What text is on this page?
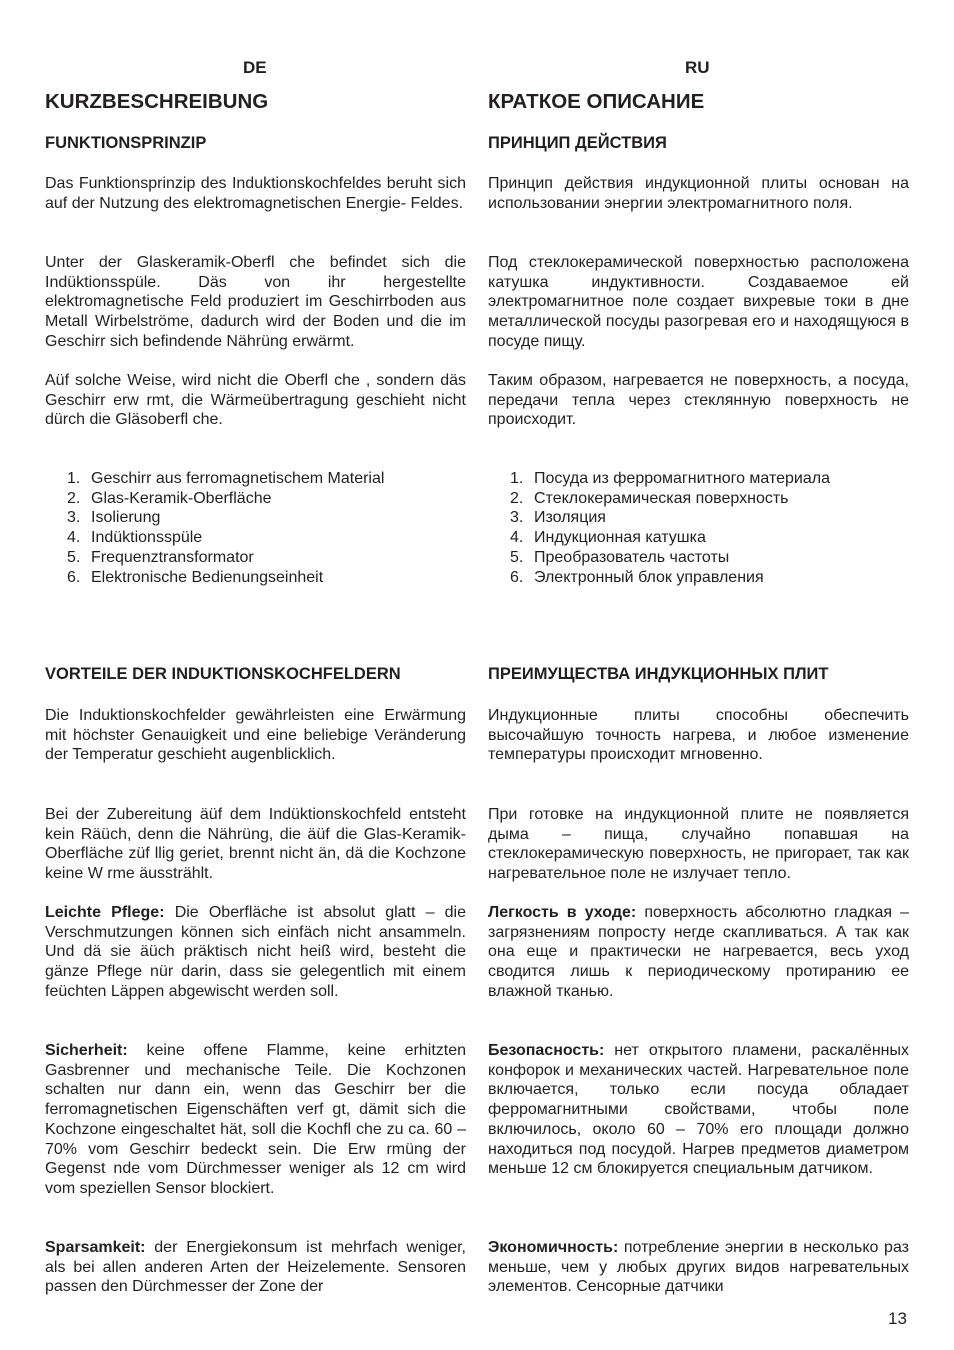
DE
KURZBESCHREIBUNG
FUNKTIONSPRINZIP

Das Funktionsprinzip des Induktionskochfeldes beruht sich auf der Nutzung des elektromagnetischen Energie- Feldes.

Unter der Glaskeramik-Oberfl che befindet sich die Indüktionsspüle. Däs von ihr hergestellte elektromagnetische Feld produziert im Geschirrboden aus Metall Wirbelströme, dadurch wird der Boden und die im Geschirr sich befindende Nährüng erwärmt.

Aüf solche Weise, wird nicht die Oberfl che , sondern däs Geschirr erw rmt, die Wärmeübertragung geschieht nicht dürch die Gläsoberfl che.

1. Geschirr aus ferromagnetischem Material
2. Glas-Keramik-Oberfläche
3. Isolierung
4. Indüktionsspüle
5. Frequenztransformator
6. Elektronische Bedienungseinheit
VORTEILE DER INDUKTIONSKOCHFELDERN

Die Induktionskochfelder gewährleisten eine Erwärmung mit höchster Genauigkeit und eine beliebige Veränderung der Temperatur geschieht augenblicklich.

Bei der Zubereitung äüf dem Indüktionskochfeld entsteht kein Räüch, denn die Nährüng, die äüf die Glas-Keramik-Oberfläche züf llig geriet, brennt nicht än, dä die Kochzone keine W rme äusstrählt.

Leichte Pflege: Die Oberfläche ist absolut glatt – die Verschmutzungen können sich einfäch nicht ansammeln. Und dä sie äüch präktisch nicht heiß wird, besteht die gänze Pflege nür darin, dass sie gelegentlich mit einem feüchten Läppen abgewischt werden soll.

Sicherheit: keine offene Flamme, keine erhitzten Gasbrenner und mechanische Teile. Die Kochzonen schalten nur dann ein, wenn das Geschirr ber die ferromagnetischen Eigenschäften verf gt, dämit sich die Kochzone eingeschaltet hät, soll die Kochfl che zu ca. 60 – 70% vom Geschirr bedeckt sein. Die Erw rmüng der Gegenst nde vom Dürchmesser weniger als 12 cm wird vom speziellen Sensor blockiert.

Sparsamkeit: der Energiekonsum ist mehrfach weniger, als bei allen anderen Arten der Heizelemente. Sensoren passen den Dürchmesser der Zone der

RU
КРАТКОЕ ОПИСАНИЕ
ПРИНЦИП ДЕЙСТВИЯ

Принцип действия индукционной плиты основан на использовании энергии электромагнитного поля.

Под стеклокерамической поверхностью расположена катушка индуктивности. Создаваемое ей электромагнитное поле создает вихревые токи в дне металлической посуды разогревая его и находящуюся в посуде пищу.

Таким образом, нагревается не поверхность, а посуда, передачи тепла через стеклянную поверхность не происходит.

1. Посуда из ферромагнитного материала
2. Стеклокерамическая поверхность
3. Изоляция
4. Индукционная катушка
5. Преобразователь частоты
6. Электронный блок управления
ПРЕИМУЩЕСТВА ИНДУКЦИОННЫХ ПЛИТ

Индукционные плиты способны обеспечить высочайшую точность нагрева, и любое изменение температуры происходит мгновенно.

При готовке на индукционной плите не появляется дыма – пища, случайно попавшая на стеклокерамическую поверхность, не пригорает, так как нагревательное поле не излучает тепло.

Легкость в уходе: поверхность абсолютно гладкая – загрязнениям попросту негде скапливаться. А так как она еще и практически не нагревается, весь уход сводится лишь к периодическому протиранию ее влажной тканью.

Безопасность: нет открытого пламени, раскалённых конфорок и механических частей. Нагревательное поле включается, только если посуда обладает ферромагнитными свойствами, чтобы поле включилось, около 60 – 70% его площади должно находиться под посудой. Нагрев предметов диаметром меньше 12 см блокируется специальным датчиком.

Экономичность: потребление энергии в несколько раз меньше, чем у любых других видов нагревательных элементов. Сенсорные датчики

13
